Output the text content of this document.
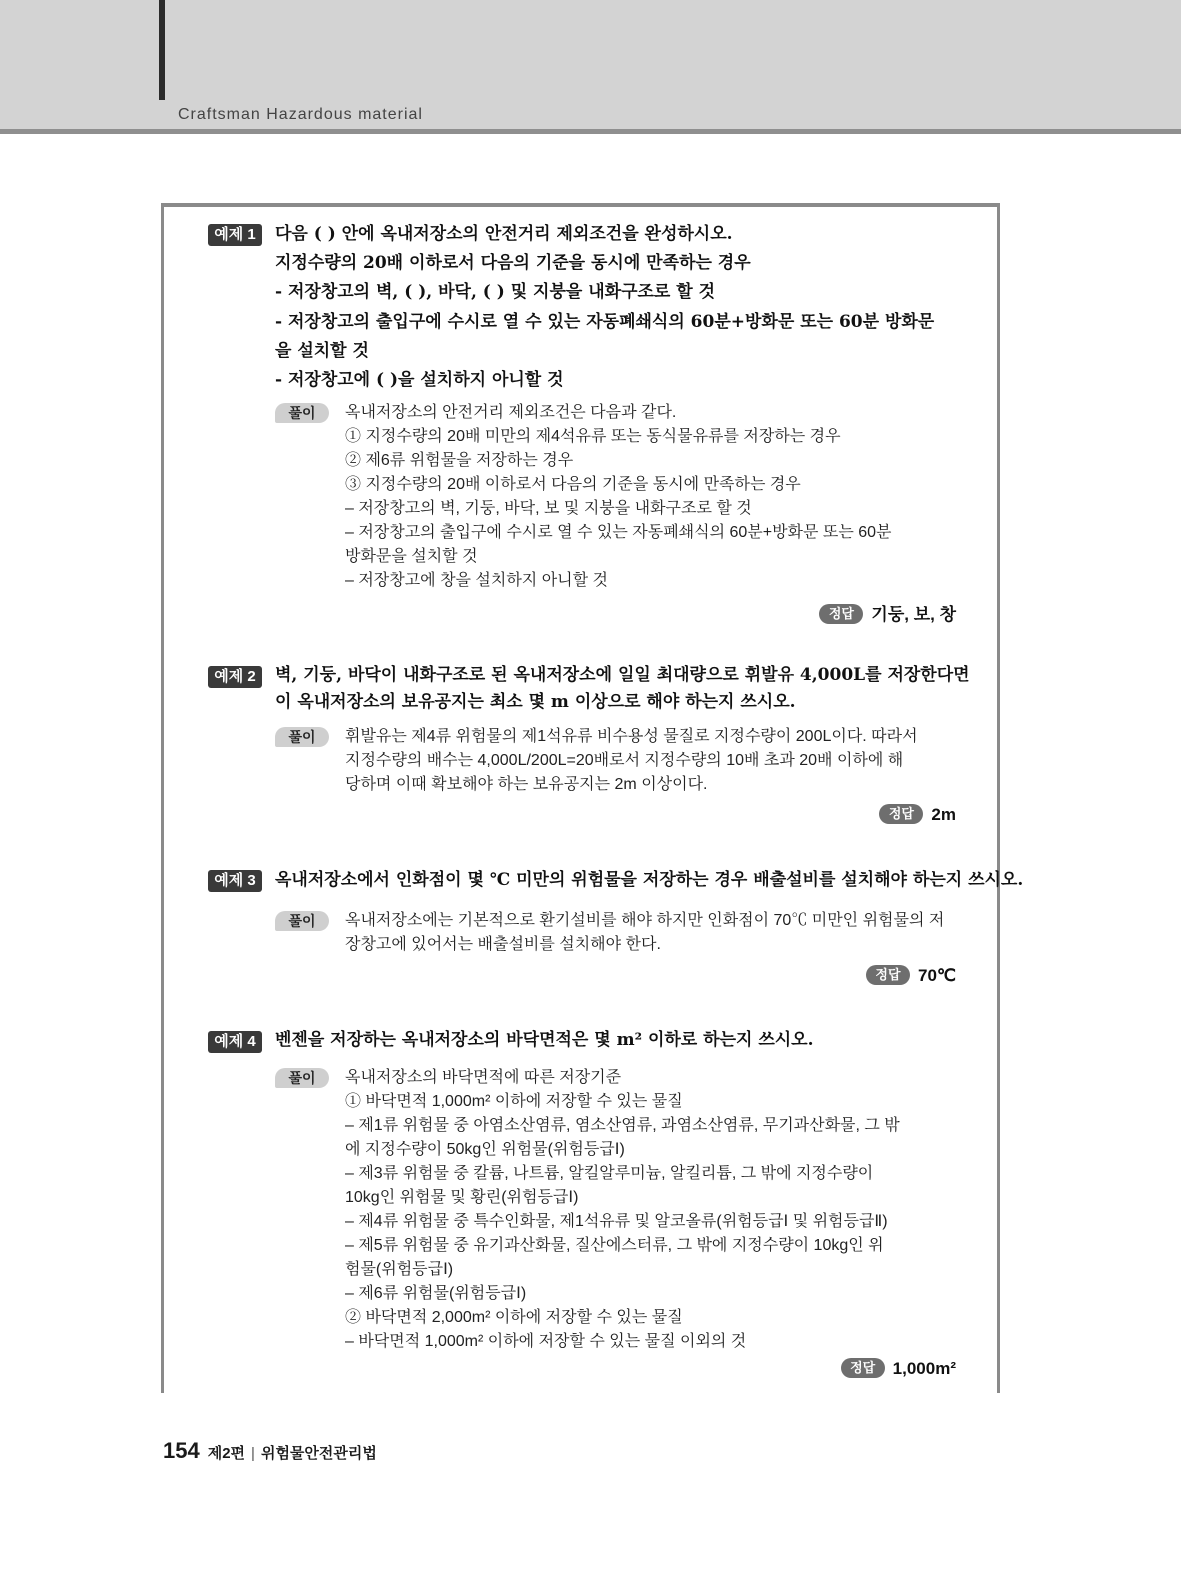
Craftsman Hazardous material
예제 1	다음 ( ) 안에 옥내저장소의 안전거리 제외조건을 완성하시오.
지정수량의 20배 이하로서 다음의 기준을 동시에 만족하는 경우
- 저장창고의 벽, ( ), 바닥, ( ) 및 지붕을 내화구조로 할 것
- 저장창고의 출입구에 수시로 열 수 있는 자동폐쇄식의 60분+방화문 또는 60분 방화문
을 설치할 것
- 저장창고에 ( )을 설치하지 아니할 것
풀이	옥내저장소의 안전거리 제외조건은 다음과 같다.
① 지정수량의 20배 미만의 제4석유류 또는 동식물유류를 저장하는 경우
② 제6류 위험물을 저장하는 경우
③ 지정수량의 20배 이하로서 다음의 기준을 동시에 만족하는 경우
– 저장창고의 벽, 기둥, 바닥, 보 및 지붕을 내화구조로 할 것
– 저장창고의 출입구에 수시로 열 수 있는 자동폐쇄식의 60분+방화문 또는 60분
방화문을 설치할 것
– 저장창고에 창을 설치하지 아니할 것
정답 기둥, 보, 창
예제 2	벽, 기둥, 바닥이 내화구조로 된 옥내저장소에 일일 최대량으로 휘발유 4,000L를 저장한다면
이 옥내저장소의 보유공지는 최소 몇 m 이상으로 해야 하는지 쓰시오.
풀이	휘발유는 제4류 위험물의 제1석유류 비수용성 물질로 지정수량이 200L이다. 따라서
지정수량의 배수는 4,000L/200L=20배로서 지정수량의 10배 초과 20배 이하에 해
당하며 이때 확보해야 하는 보유공지는 2m 이상이다.
정답 2m
예제 3	옥내저장소에서 인화점이 몇 ℃ 미만의 위험물을 저장하는 경우 배출설비를 설치해야 하는지 쓰시오.
풀이	옥내저장소에는 기본적으로 환기설비를 해야 하지만 인화점이 70℃ 미만인 위험물의 저
장창고에 있어서는 배출설비를 설치해야 한다.
정답 70℃
예제 4	벤젠을 저장하는 옥내저장소의 바닥면적은 몇 m² 이하로 하는지 쓰시오.
풀이	옥내저장소의 바닥면적에 따른 저장기준
① 바닥면적 1,000m² 이하에 저장할 수 있는 물질
– 제1류 위험물 중 아염소산염류, 염소산염류, 과염소산염류, 무기과산화물, 그 밖
에 지정수량이 50kg인 위험물(위험등급Ⅰ)
– 제3류 위험물 중 칼륨, 나트륨, 알킬알루미늄, 알킬리튬, 그 밖에 지정수량이
10kg인 위험물 및 황린(위험등급Ⅰ)
– 제4류 위험물 중 특수인화물, 제1석유류 및 알코올류(위험등급Ⅰ 및 위험등급Ⅱ)
– 제5류 위험물 중 유기과산화물, 질산에스터류, 그 밖에 지정수량이 10kg인 위
험물(위험등급Ⅰ)
– 제6류 위험물(위험등급Ⅰ)
② 바닥면적 2,000m² 이하에 저장할 수 있는 물질
– 바닥면적 1,000m² 이하에 저장할 수 있는 물질 이외의 것
정답 1,000m²
154 제2편 | 위험물안전관리법
